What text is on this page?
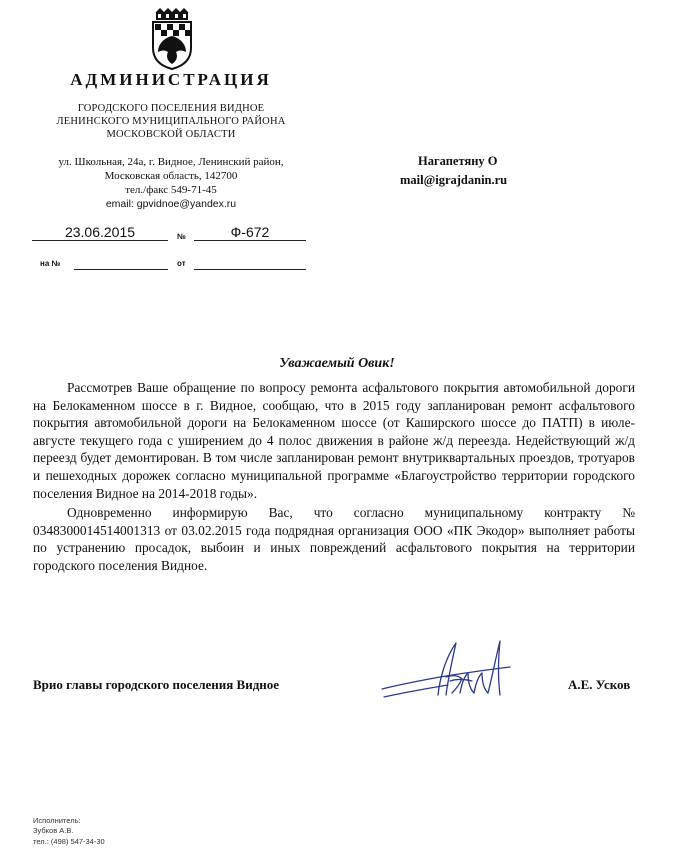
АДМИНИСТРАЦИЯ
ГОРОДСКОГО ПОСЕЛЕНИЯ ВИДНОЕ
ЛЕНИНСКОГО МУНИЦИПАЛЬНОГО РАЙОНА
МОСКОВСКОЙ ОБЛАСТИ
ул. Школьная, 24а, г. Видное, Ленинский район,
Московская область, 142700
тел./факс 549-71-45
email: gpvidnoe@yandex.ru
23.06.2015	№	Ф-672
на №	от
Нагапетяну О
mail@igrajdanin.ru
Уважаемый Овик!

Рассмотрев Ваше обращение по вопросу ремонта асфальтового покрытия автомобильной дороги на Белокаменном шоссе в г. Видное, сообщаю, что в 2015 году запланирован ремонт асфальтового покрытия автомобильной дороги на Белокаменном шоссе (от Каширского шоссе до ПАТП) в июле-августе текущего года с уширением до 4 полос движения в районе ж/д переезда. Недействующий ж/д переезд будет демонтирован. В том числе запланирован ремонт внутриквартальных проездов, тротуаров и пешеходных дорожек согласно муниципальной программе «Благоустройство территории городского поселения Видное на 2014-2018 годы».

Одновременно информирую Вас, что согласно муниципальному контракту № 0348300014514001313 от 03.02.2015 года подрядная организация ООО «ПК Экодор» выполняет работы по устранению просадок, выбоин и иных повреждений асфальтового покрытия на территории городского поселения Видное.

Врио главы городского поселения Видное	А.Е. Усков
Исполнитель:
Зубков А.В.
тел.: (498) 547-34-30
